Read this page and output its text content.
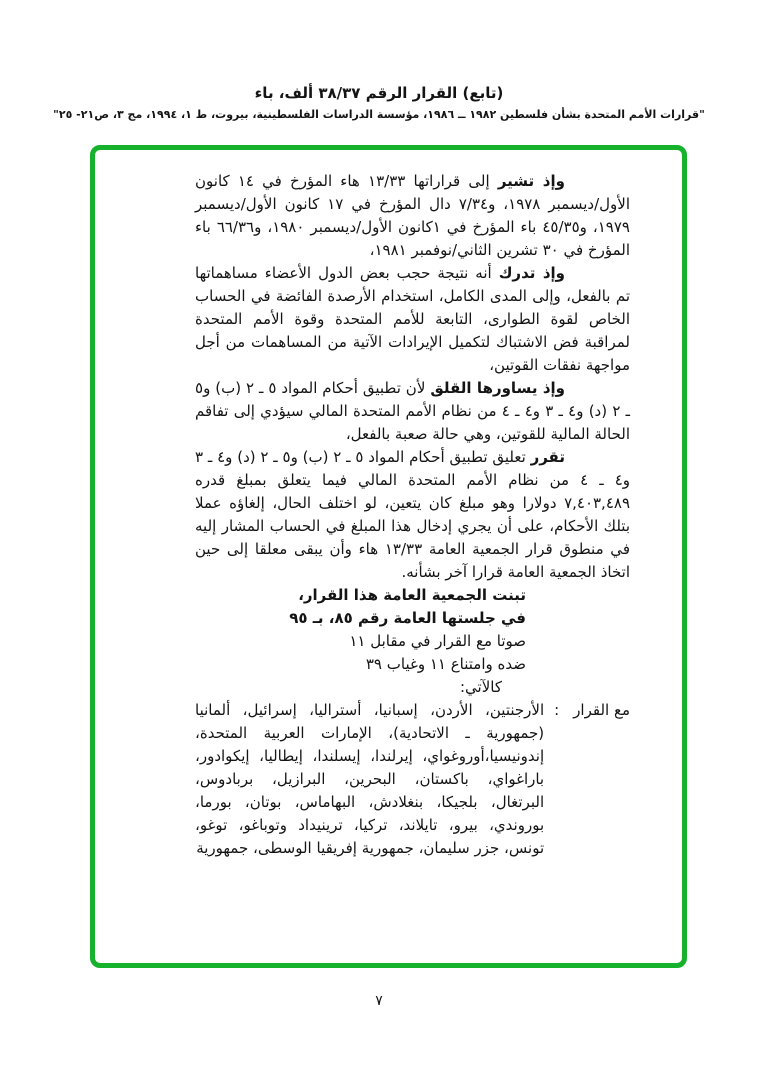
(تابع) القرار الرقم ٣٨/٣٧ ألف، باء
"قرارات الأمم المتحدة بشأن فلسطين ١٩٨٢ ــ ١٩٨٦، مؤسسة الدراسات الفلسطينية، بيروت، ط ١، ١٩٩٤، مج ٣، ص٢١- ٢٥"

وإذ تشير إلى قراراتها ١٣/٣٣ هاء المؤرخ في ١٤ كانون الأول/ديسمبر ١٩٧٨، و٧/٣٤ دال المؤرخ في ١٧ كانون الأول/ديسمبر ١٩٧٩، و٤٥/٣٥ باء المؤرخ في ١كانون الأول/ديسمبر ١٩٨٠، و٦٦/٣٦ باء المؤرخ في ٣٠ تشرين الثاني/نوفمبر ١٩٨١،

وإذ تدرك أنه نتيجة حجب بعض الدول الأعضاء مساهماتها تم بالفعل، وإلى المدى الكامل، استخدام الأرصدة الفائضة في الحساب الخاص لقوة الطوارى، التابعة للأمم المتحدة وقوة الأمم المتحدة لمراقبة فض الاشتباك لتكميل الإيرادات الآتية من المساهمات من أجل مواجهة نفقات القوتين،

وإذ يساورها القلق لأن تطبيق أحكام المواد ٥ ـ ٢ (ب) و٥ ـ ٢ (د) و٤ ـ ٣ و٤ ـ ٤ من نظام الأمم المتحدة المالي سيؤدي إلى تفاقم الحالة المالية للقوتين، وهي حالة صعبة بالفعل،

تقرر تعليق تطبيق أحكام المواد ٥ ـ ٢ (ب) و٥ ـ ٢ (د) و٤ ـ ٣ و٤ ـ ٤ من نظام الأمم المتحدة المالي فيما يتعلق بمبلغ قدره ٧,٤٠٣,٤٨٩ دولارا وهو مبلغ كان يتعين، لو اختلف الحال، إلغاؤه عملا بتلك الأحكام، على أن يجري إدخال هذا المبلغ في الحساب المشار إليه في منطوق قرار الجمعية العامة ١٣/٣٣ هاء وأن يبقى معلقا إلى حين اتخاذ الجمعية العامة قرارا آخر بشأنه.

تبنت الجمعية العامة هذا القرار،
في جلستها العامة رقم ٨٥، بـ ٩٥
صوتا مع القرار في مقابل ١١
ضده وامتناع ١١ وغياب ٣٩
كالآتي:
مع القرار
:
الأرجنتين، الأردن، إسبانيا، أستراليا، إسرائيل، ألمانيا (جمهورية ـ الاتحادية)، الإمارات العربية المتحدة، إندونيسيا،أوروغواي، إيرلندا، إيسلندا، إيطاليا، إيكوادور، باراغواي، باكستان، البحرين، البرازيل، بربادوس، البرتغال، بلجيكا، بنغلادش، البهاماس، بوتان، بورما، بوروندي، بيرو، تايلاند، تركيا، ترينيداد وتوباغو، توغو، تونس، جزر سليمان، جمهورية إفريقيا الوسطى، جمهورية
٧
